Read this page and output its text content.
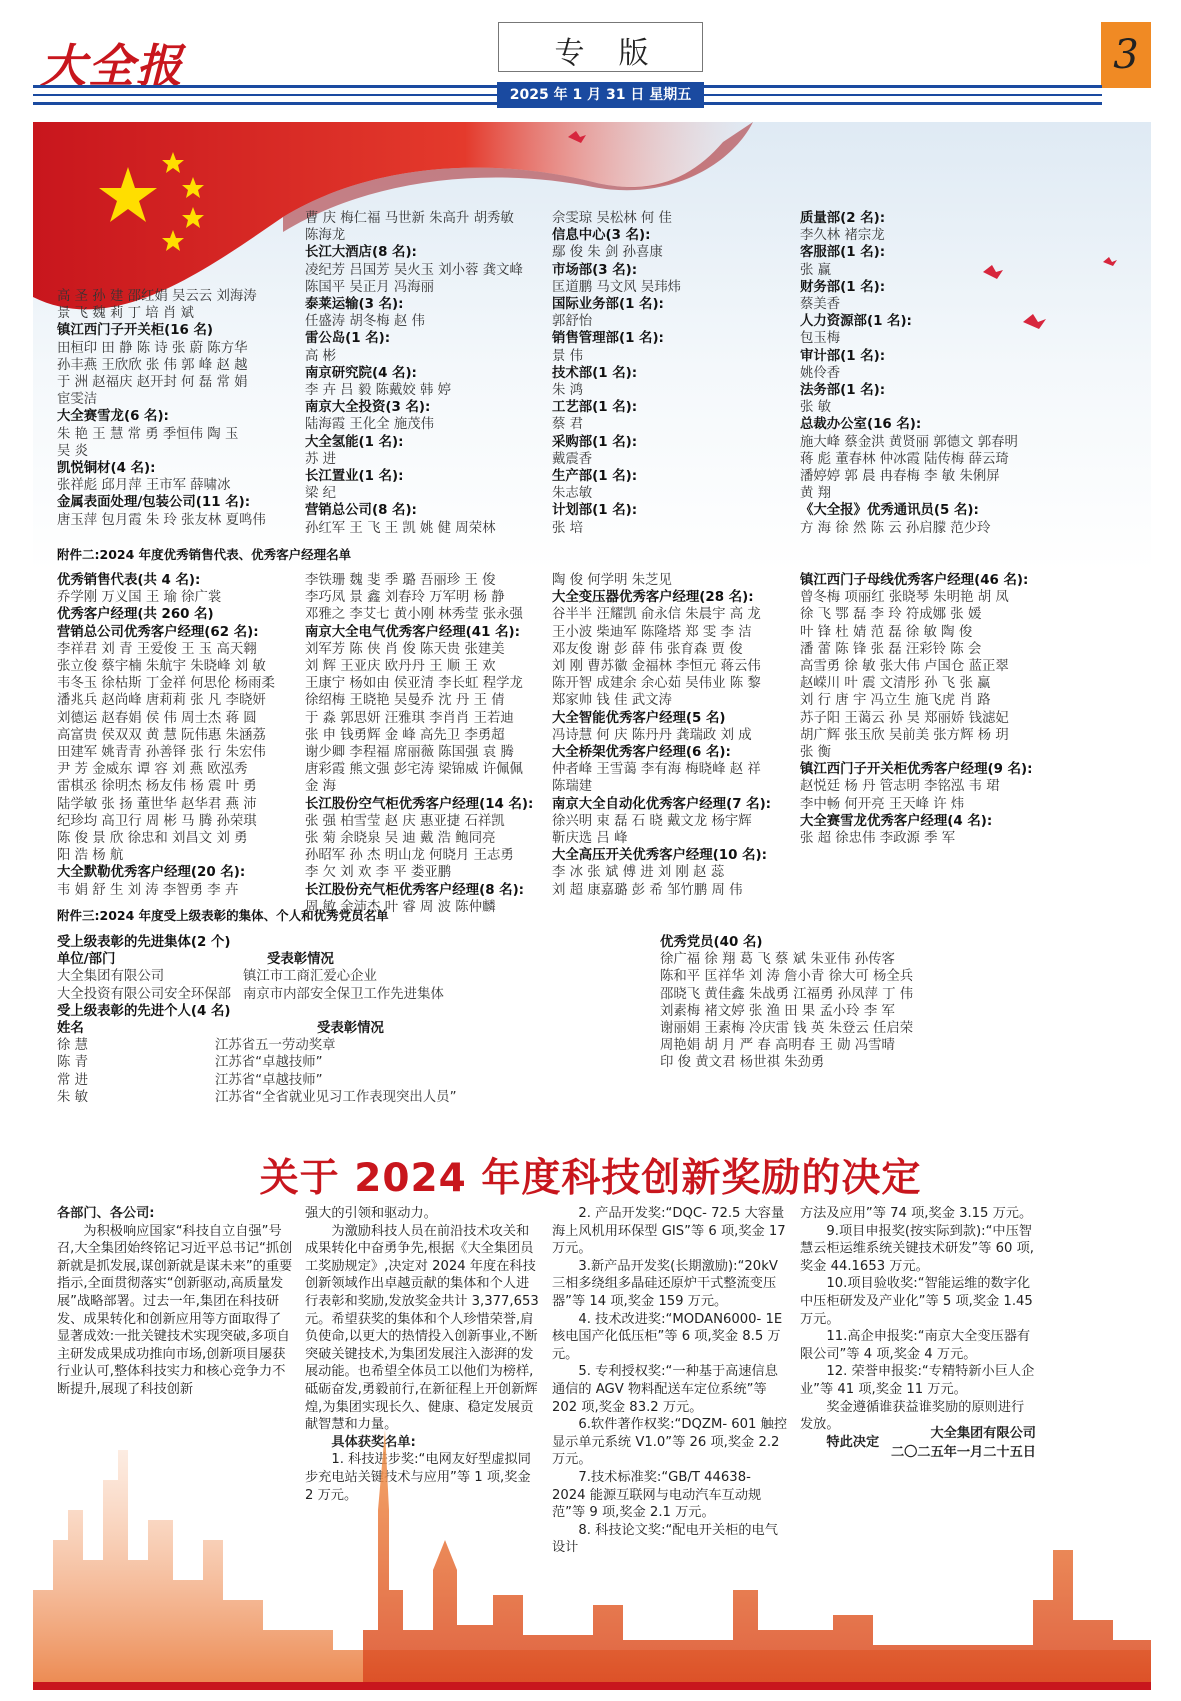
大全报	专版	3
2025 年 1 月 31 日 星期五
高 圣 孙 建 邵红娟 吴云云 刘海涛
景 飞 魏 莉 丁 培 肖 斌
镇江西门子开关柜(16 名)
田桓印 田 静 陈 诗 张 蔚 陈方华
孙丰燕 王欣欣 张 伟 郭 峰 赵 越
于 洲 赵福庆 赵开封 何 磊 常 娟
宦雯洁
大全赛雪龙(6 名):
朱 艳 王 慧 常 勇 季恒伟 陶 玉
吴 炎
凯悦铜材(4 名):
张祥彪 邱月萍 王市军 薛啸冰
金属表面处理/包装公司(11 名):
唐玉萍 包月霞 朱 玲 张友林 夏鸣伟
曹 庆 梅仁福 马世新 朱高升 胡秀敏
陈海龙
长江大酒店(8 名):
凌纪芳 吕国芳 吴火玉 刘小蓉 龚文峰
陈国平 吴正月 冯海丽
泰莱运输(3 名):
任盛涛 胡冬梅 赵 伟
雷公岛(1 名):
高 彬
南京研究院(4 名):
李 卉 吕 毅 陈戴姣 韩 婷
南京大全投资(3 名):
陆海霞 王化全 施茂伟
大全氢能(1 名):
苏 进
长江置业(1 名):
梁 纪
营销总公司(8 名):
孙红军 王 飞 王 凯 姚 健 周荣林
佘雯琼 吴松林 何 佳
信息中心(3 名):
鄢 俊 朱 剑 孙喜康
市场部(3 名):
匡道鹏 马文风 吴玮炜
国际业务部(1 名):
郭舒怡
销售管理部(1 名):
景 伟
技术部(1 名):
朱 鸿
工艺部(1 名):
蔡 君
采购部(1 名):
戴震香
生产部(1 名):
朱志敏
计划部(1 名):
张 培
质量部(2 名):
李久林 褚宗龙
客服部(1 名):
张 赢
财务部(1 名):
蔡美香
人力资源部(1 名):
包玉梅
审计部(1 名):
姚伶香
法务部(1 名):
张 敏
总裁办公室(16 名):
施大峰 蔡金洪 黄贤丽 郭德文 郭春明
蒋 彪 董春林 仲冰霞 陆传梅 薛云琦
潘婷婷 郭 晨 冉春梅 李 敏 朱俐屏
黄 翔
《大全报》优秀通讯员(5 名):
方 海 徐 然 陈 云 孙启朦 范少玲
附件二:2024 年度优秀销售代表、优秀客户经理名单
优秀销售代表(共 4 名):
乔学刚 万义国 王 瑜 徐广裳
优秀客户经理(共 260 名)
营销总公司优秀客户经理(62 名):
李祥君 刘 青 王爱俊 王 玉 高天翱
张立俊 蔡宇楠 朱航宇 朱晓峰 刘 敏
韦冬玉 徐枯斯 丁金祥 何思伦 杨雨柔
潘兆兵 赵尚峰 唐莉莉 张 凡 李晓妍
刘德运 赵春娟 侯 伟 周士杰 蒋 圆
高富贵 侯双双 黄 慧 阮伟惠 朱涵荔
田建军 姚青青 孙善铎 张 行 朱宏伟
尹 芳 金威东 谭 容 刘 燕 欧泓秀
雷棋丞 徐明杰 杨友伟 杨 震 叶 勇
陆学敏 张 扬 董世华 赵华君 燕 沛
纪珍均 高卫行 周 彬 马 腾 孙荣琪
陈 俊 景 欣 徐忠和 刘昌文 刘 勇
阳 浩 杨 航
大全默勒优秀客户经理(20 名):
韦 娟 舒 生 刘 涛 李智勇 李 卉
李铁珊 魏 斐 季 璐 吾丽珍 王 俊
李巧凤 景 鑫 刘春玲 万军明 杨 静
邓雅之 李艾七 黄小刚 林秀莹 张永强
南京大全电气优秀客户经理(41 名):
刘军芳 陈 侠 肖 俊 陈天贵 张建美
刘 辉 王亚庆 欧丹丹 王 顺 王 欢
王康宁 杨如由 侯亚清 李长虹 程学龙
徐绍梅 王晓艳 吴曼乔 沈 丹 王 倩
于 淼 郭思妍 汪雅琪 李肖肖 王若迪
张 申 钱勇辉 金 峰 高先卫 李勇超
谢少卿 李程福 席丽薇 陈国强 袁 腾
唐彩霞 熊文强 彭宅涛 梁锦威 许佩佩
金 海
长江股份空气柜优秀客户经理(14 名):
张 强 柏雪莹 赵 庆 惠亚捷 石祥凯
张 菊 余晓泉 吴 迪 戴 浩 鲍同亮
孙昭军 孙 杰 明山龙 何晓月 王志勇
李 欠 刘 欢 李 平 娄亚鹏
长江股份充气柜优秀客户经理(8 名):
周 敏 余沛杰 叶 睿 周 波 陈仲麟
陶 俊 何学明 朱芝见
大全变压器优秀客户经理(28 名):
谷半半 汪耀凯 俞永信 朱晨宇 高 龙
王小波 柴迪军 陈隆塔 郑 雯 李 洁
邓友俊 谢 彭 薛 伟 张育森 贾 俊
刘 刚 曹苏徽 金福林 李恒元 蒋云伟
陈开智 成建余 余心茹 吴伟业 陈 黎
郑家帅 钱 佳 武文涛
大全智能优秀客户经理(5 名)
冯诗慧 何 庆 陈丹丹 龚瑞政 刘 成
大全桥架优秀客户经理(6 名):
仲者峰 王雪蔼 李有海 梅晓峰 赵 祥
陈瑞建
南京大全自动化优秀客户经理(7 名):
徐兴明 束 磊 石 晓 戴文龙 杨宇辉
靳庆选 吕 峰
大全高压开关优秀客户经理(10 名):
李 冰 张 斌 傅 进 刘 刚 赵 蕊
刘 超 康嘉璐 彭 希 邹竹鹏 周 伟
镇江西门子母线优秀客户经理(46 名):
曾冬梅 项丽红 张晓琴 朱明艳 胡 凤
徐 飞 鄂 磊 李 玲 符成娜 张 媛
叶 锋 杜 婧 范 磊 徐 敏 陶 俊
潘 蕾 陈 锋 张 磊 汪彩铃 陈 会
高雪勇 徐 敏 张大伟 卢国仓 蓝正翠
赵嵘川 叶 震 文清彤 孙 飞 张 赢
刘 行 唐 宇 冯立生 施飞虎 肖 路
苏子阳 王蔼云 孙 昊 郑丽娇 钱滤妃
胡广辉 张玉欣 吴前美 张方辉 杨 玥
张 衡
镇江西门子开关柜优秀客户经理(9 名):
赵悦廷 杨 丹 管志明 李铭泓 韦 珺
李中畅 何开亮 王天峰 许 炜
大全赛雪龙优秀客户经理(4 名):
张 超 徐忠伟 李政源 季 军
附件三:2024 年度受上级表彰的集体、个人和优秀党员名单
受上级表彰的先进集体(2 个)
单位/部门	受表彰情况
大全集团有限公司	镇江市工商汇爱心企业
大全投资有限公司安全环保部 南京市内部安全保卫工作先进集体
受上级表彰的先进个人(4 名)
姓名	受表彰情况
徐 慧	江苏省五一劳动奖章
陈 青	江苏省“卓越技师”
常 进	江苏省“卓越技师”
朱 敏	江苏省“全省就业见习工作表现突出人员”
优秀党员(40 名)
徐广福 徐 翔 葛 飞 蔡 斌 朱亚伟 孙传客
陈和平 匡祥华 刘 涛 詹小青 徐大可 杨全兵
邵晓飞 黄佳鑫 朱战勇 江福勇 孙凤萍 丁 伟
刘素梅 褚文婷 张 渔 田 果 孟小玲 李 军
谢丽娟 王素梅 冷庆雷 钱 英 朱登云 任启荣
周艳娟 胡 月 严 春 高明春 王 勋 冯雪晴
印 俊 黄文君 杨世祺 朱劲勇
关于 2024 年度科技创新奖励的决定

各部门、各公司:

为积极响应国家“科技自立自强”号召,大全集团始终铭记习近平总书记“抓创新就是抓发展,谋创新就是谋未来”的重要指示,全面贯彻落实“创新驱动,高质量发展”战略部署。过去一年,集团在科技研发、成果转化和创新应用等方面取得了显著成效:一批关键技术实现突破,多项自主研发成果成功推向市场,创新项目屡获行业认可,整体科技实力和核心竞争力不断提升,展现了科技创新

强大的引领和驱动力。

为激励科技人员在前沿技术攻关和成果转化中奋勇争先,根据《大全集团员工奖励规定》,决定对 2024 年度在科技创新领域作出卓越贡献的集体和个人进行表彰和奖励,发放奖金共计 3,377,653 元。希望获奖的集体和个人珍惜荣誉,肩负使命,以更大的热情投入创新事业,不断突破关键技术,为集团发展注入澎湃的发展动能。也希望全体员工以他们为榜样,砥砺奋发,勇毅前行,在新征程上开创新辉煌,为集团实现长久、健康、稳定发展贡献智慧和力量。

具体获奖名单:

1. 科技进步奖:“电网友好型虚拟同步充电站关键技术与应用”等 1 项,奖金 2 万元。

2. 产品开发奖:“DQC- 72.5 大容量海上风机用环保型 GIS”等 6 项,奖金 17 万元。

3.新产品开发奖(长期激励):“20kV 三相多绕组多晶硅还原炉干式整流变压器”等 14 项,奖金 159 万元。

4. 技术改进奖:“MODAN6000- 1E 核电国产化低压柜”等 6 项,奖金 8.5 万元。

5. 专利授权奖:“一种基于高速信息通信的 AGV 物料配送车定位系统”等 202 项,奖金 83.2 万元。

6.软件著作权奖:“DQZM- 601 触控显示单元系统 V1.0”等 26 项,奖金 2.2 万元。

7.技术标准奖:“GB/T 44638- 2024 能源互联网与电动汽车互动规范”等 9 项,奖金 2.1 万元。

8. 科技论文奖:“配电开关柜的电气设计

方法及应用”等 74 项,奖金 3.15 万元。

9.项目申报奖(按实际到款):“中压智慧云柜运维系统关键技术研发”等 60 项,奖金 44.1653 万元。

10.项目验收奖:“智能运维的数字化中压柜研发及产业化”等 5 项,奖金 1.45 万元。

11.高企申报奖:“南京大全变压器有限公司”等 4 项,奖金 4 万元。

12. 荣誉申报奖:“专精特新小巨人企业”等 41 项,奖金 11 万元。

奖金遵循谁获益谁奖励的原则进行发放。

特此决定

大全集团有限公司
二〇二五年一月二十五日
